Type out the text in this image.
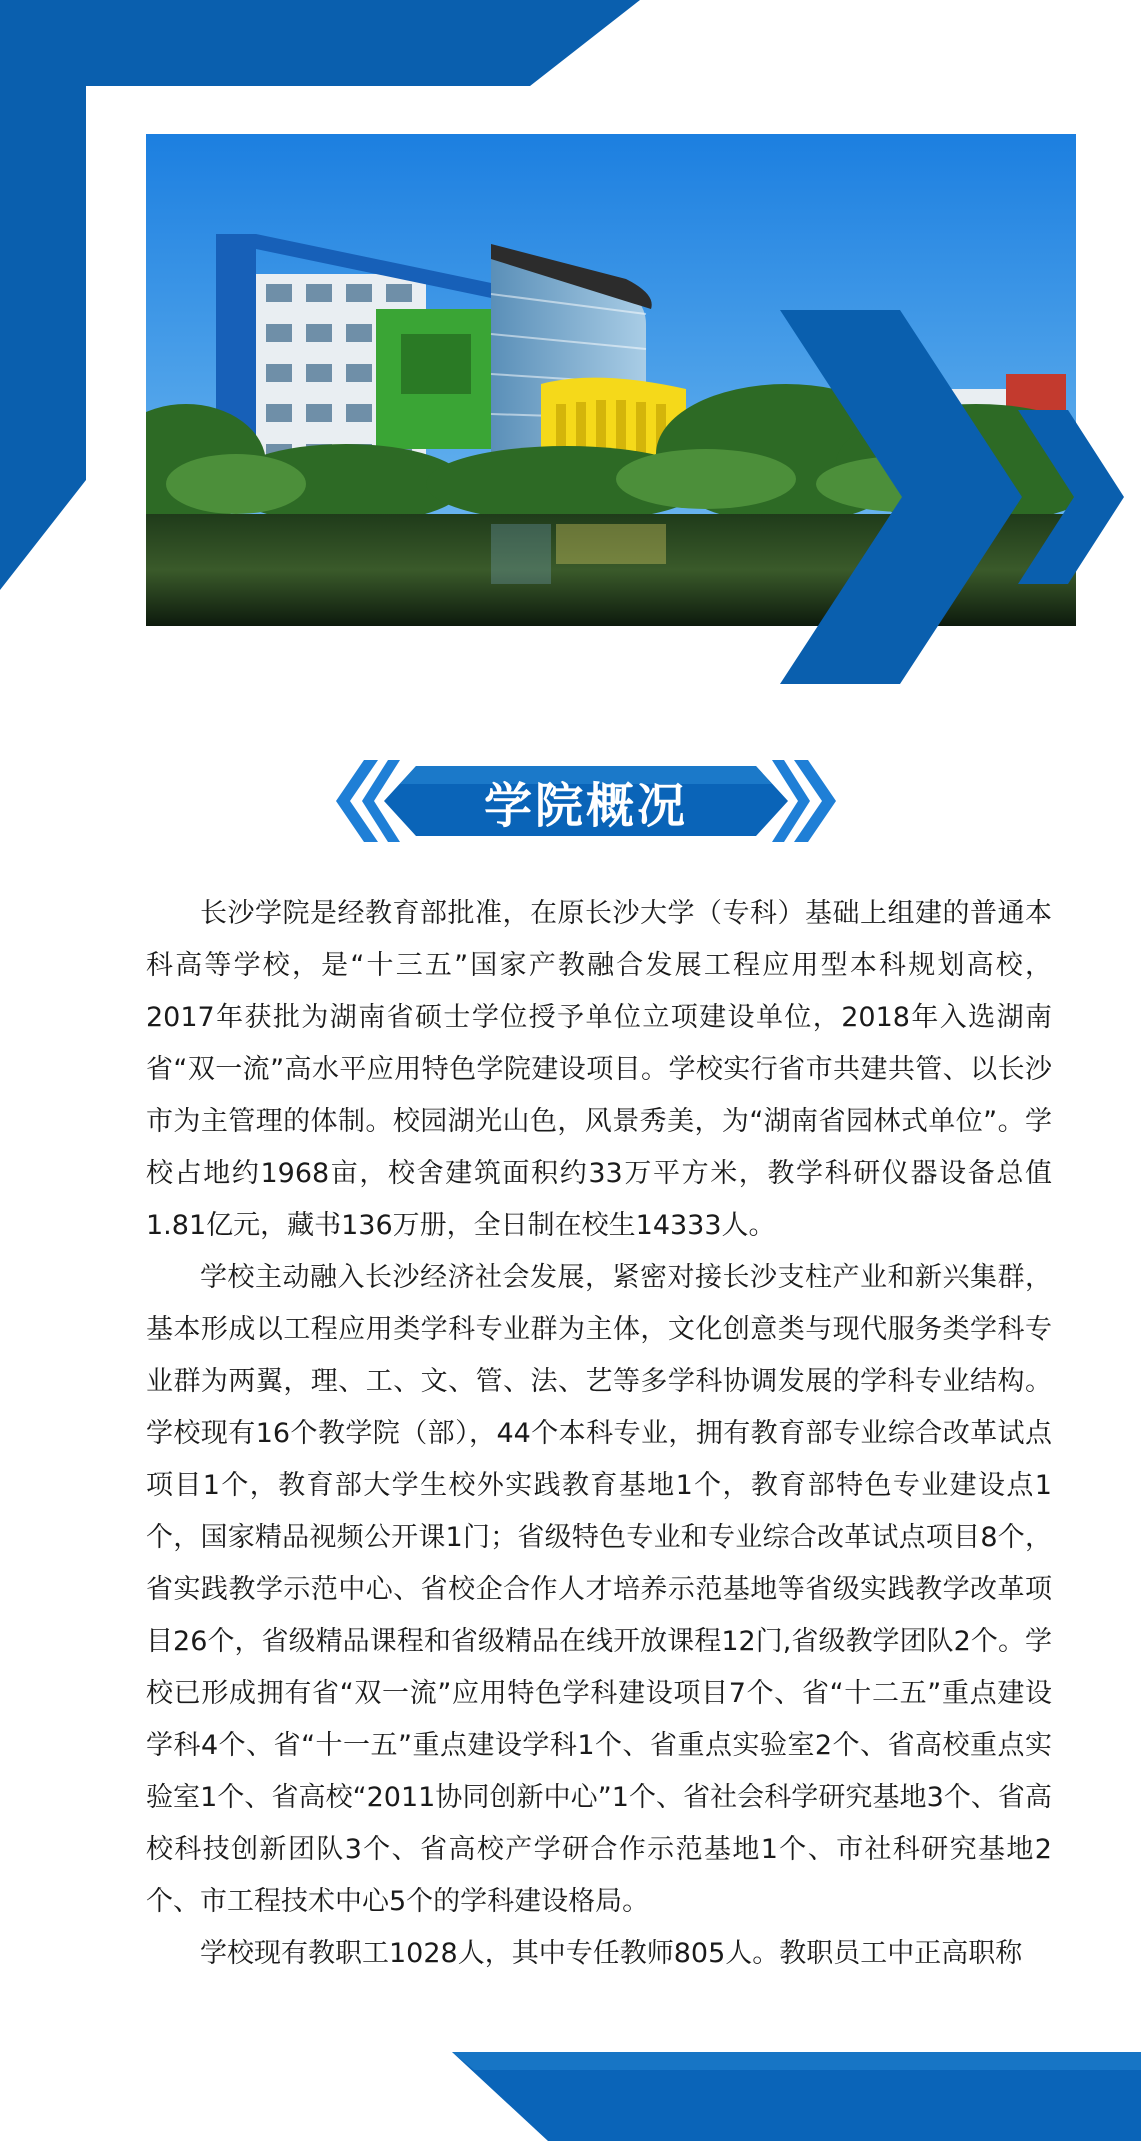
学院概况

长沙学院是经教育部批准，在原长沙大学（专科）基础上组建的普通本科高等学校，是“十三五”国家产教融合发展工程应用型本科规划高校，2017年获批为湖南省硕士学位授予单位立项建设单位，2018年入选湖南省“双一流”高水平应用特色学院建设项目。学校实行省市共建共管、以长沙市为主管理的体制。校园湖光山色，风景秀美，为“湖南省园林式单位”。学校占地约1968亩，校舍建筑面积约33万平方米，教学科研仪器设备总值1.81亿元，藏书136万册，全日制在校生14333人。

学校主动融入长沙经济社会发展，紧密对接长沙支柱产业和新兴集群，基本形成以工程应用类学科专业群为主体，文化创意类与现代服务类学科专业群为两翼，理、工、文、管、法、艺等多学科协调发展的学科专业结构。学校现有16个教学院（部），44个本科专业，拥有教育部专业综合改革试点项目1个，教育部大学生校外实践教育基地1个，教育部特色专业建设点1个，国家精品视频公开课1门；省级特色专业和专业综合改革试点项目8个，省实践教学示范中心、省校企合作人才培养示范基地等省级实践教学改革项目26个，省级精品课程和省级精品在线开放课程12门,省级教学团队2个。学校已形成拥有省“双一流”应用特色学科建设项目7个、省“十二五”重点建设学科4个、省“十一五”重点建设学科1个、省重点实验室2个、省高校重点实验室1个、省高校“2011协同创新中心”1个、省社会科学研究基地3个、省高校科技创新团队3个、省高校产学研合作示范基地1个、市社科研究基地2个、市工程技术中心5个的学科建设格局。

学校现有教职工1028人，其中专任教师805人。教职员工中正高职称
